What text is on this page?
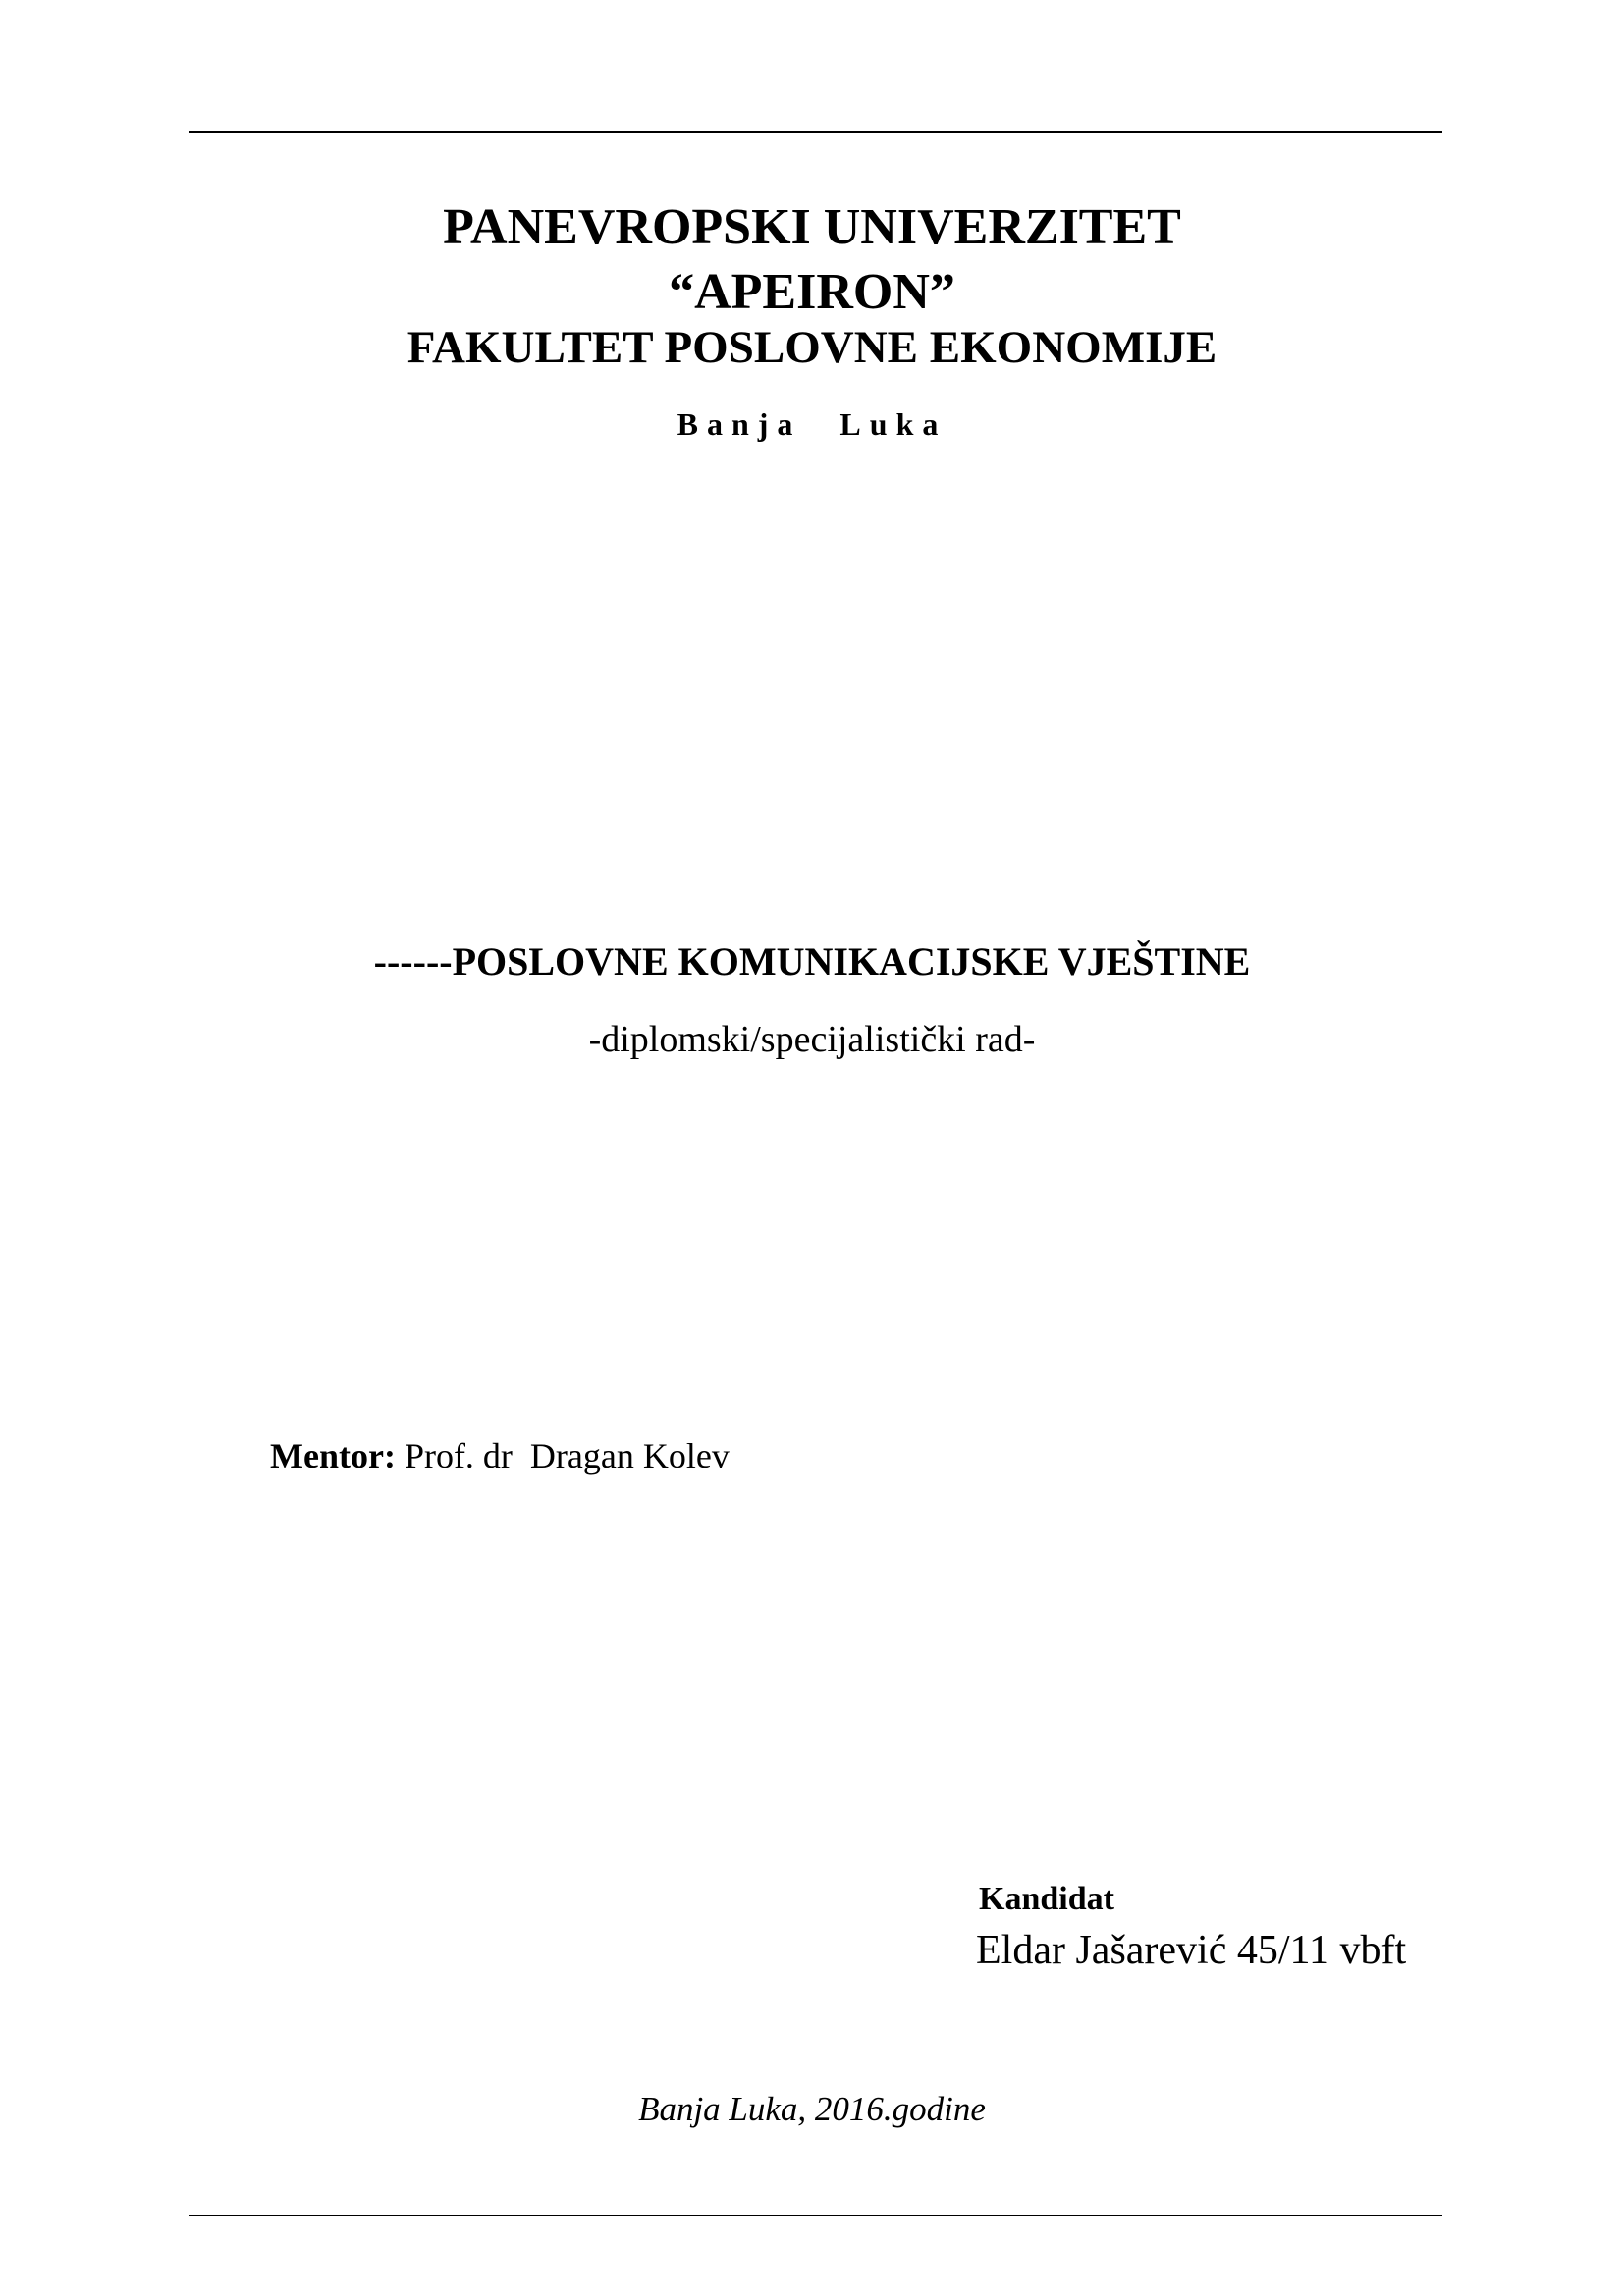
PANEVROPSKI UNIVERZITET
“APEIRON”
FAKULTET POSLOVNE EKONOMIJE
Banja Luka
------POSLOVNE KOMUNIKACIJSKE VJEŠTINE
-diplomski/specijalistički rad-
Mentor: Prof. dr  Dragan Kolev
Kandidat
Eldar Jašarević 45/11 vbft
Banja Luka, 2016.godine
